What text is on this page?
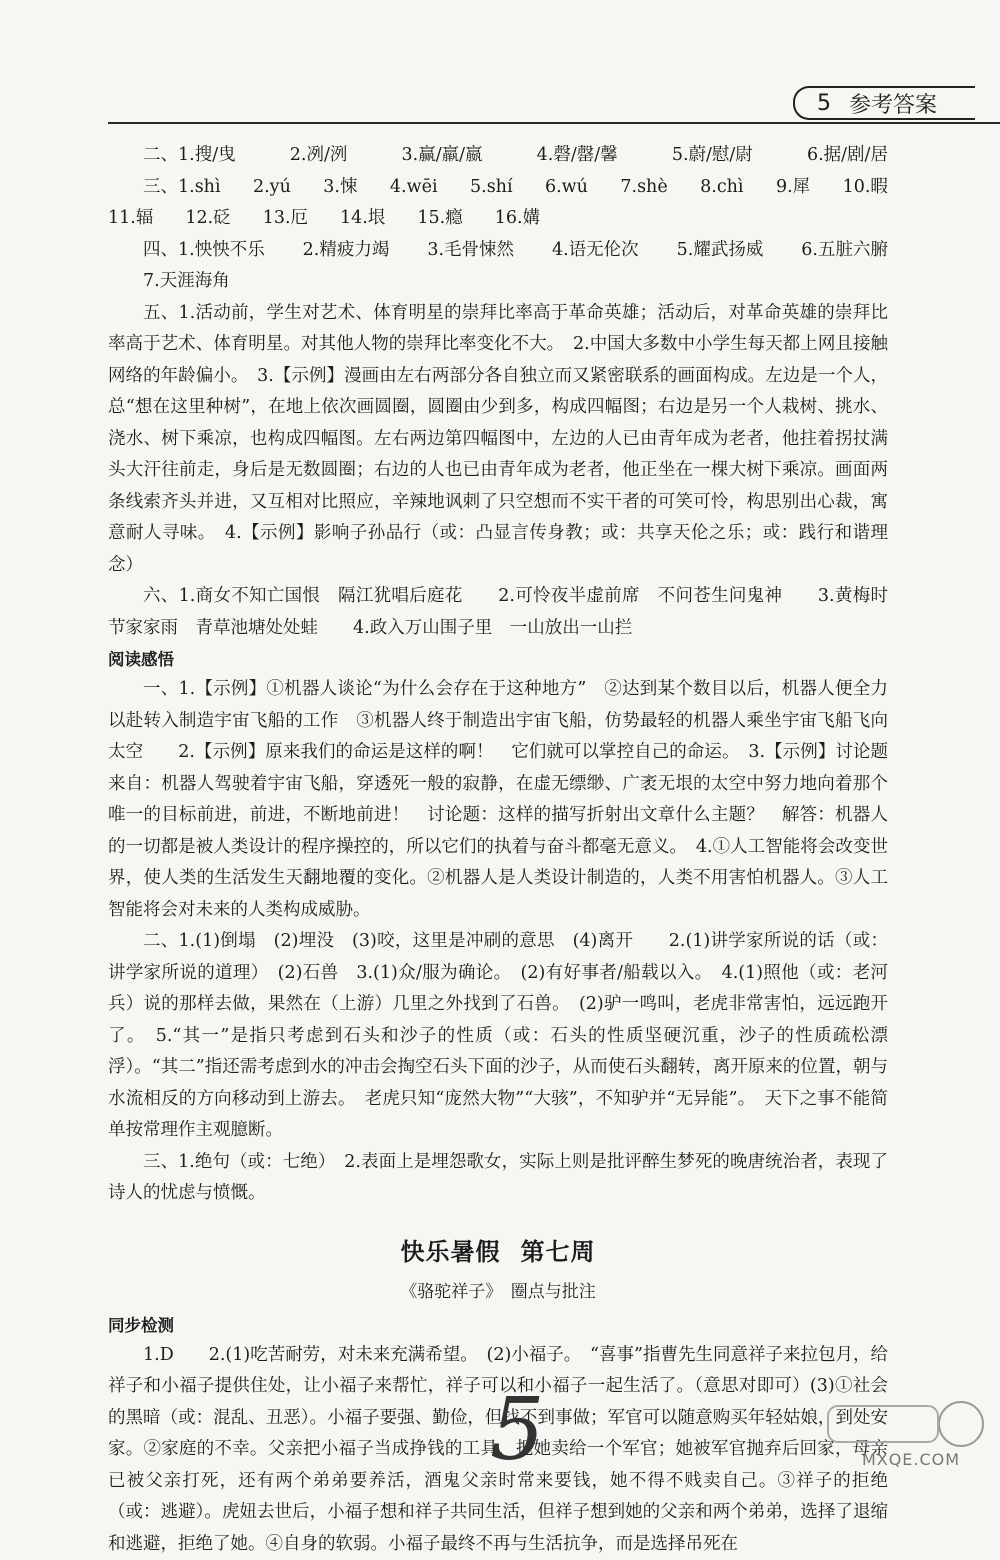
5 参考答案
二、1.搜/曳	2.冽/洌	3.赢/羸/嬴	4.磬/罄/馨	5.蔚/慰/尉	6.据/剧/居
三、1.shì 2.yú 3.悚 4.wēi 5.shí 6.wú 7.shè 8.chì 9.犀 10.暇
11.辐 12.砭 13.厄 14.垠 15.瘾 16.媾
四、1.怏怏不乐 2.精疲力竭 3.毛骨悚然 4.语无伦次 5.耀武扬威 6.五脏六腑

7.天涯海角

五、1.活动前，学生对艺术、体育明星的崇拜比率高于革命英雄；活动后，对革命英雄的崇拜比率高于艺术、体育明星。对其他人物的崇拜比率变化不大。　2.中国大多数中小学生每天都上网且接触网络的年龄偏小。　3.【示例】漫画由左右两部分各自独立而又紧密联系的画面构成。左边是一个人，总“想在这里种树”，在地上依次画圆圈，圆圈由少到多，构成四幅图；右边是另一个人栽树、挑水、浇水、树下乘凉，也构成四幅图。左右两边第四幅图中，左边的人已由青年成为老者，他拄着拐扙满头大汗往前走，身后是无数圆圈；右边的人也已由青年成为老者，他正坐在一棵大树下乘凉。画面两条线索齐头并进，又互相对比照应，辛辣地讽刺了只空想而不实干者的可笑可怜，构思别出心裁，寓意耐人寻味。　4.【示例】影响子孙品行（或：凸显言传身教；或：共享天伦之乐；或：践行和谐理念）

六、1.商女不知亡国恨　隔江犹唱后庭花　　2.可怜夜半虚前席　不问苍生问鬼神　　3.黄梅时节家家雨　青草池塘处处蛙　　4.政入万山围子里　一山放出一山拦

阅读感悟

一、1.【示例】①机器人谈论“为什么会存在于这种地方”　②达到某个数目以后，机器人便全力以赴转入制造宇宙飞船的工作　③机器人终于制造出宇宙飞船，仿势最轻的机器人乘坐宇宙飞船飞向太空　　2.【示例】原来我们的命运是这样的啊！　它们就可以掌控自己的命运。　3.【示例】讨论题来自：机器人驾驶着宇宙飞船，穿透死一般的寂静，在虚无缥缈、广袤无垠的太空中努力地向着那个唯一的目标前进，前进，不断地前进！　讨论题：这样的描写折射出文章什么主题？　解答：机器人的一切都是被人类设计的程序操控的，所以它们的执着与奋斗都毫无意义。　4.①人工智能将会改变世界，使人类的生活发生天翻地覆的变化。②机器人是人类设计制造的，人类不用害怕机器人。③人工智能将会对未来的人类构成威胁。

二、1.(1)倒塌　(2)埋没　(3)咬，这里是冲刷的意思　(4)离开　　2.(1)讲学家所说的话（或：讲学家所说的道理）　(2)石兽　3.(1)众/服为确论。　(2)有好事者/船载以入。　4.(1)照他（或：老河兵）说的那样去做，果然在（上游）几里之外找到了石兽。　(2)驴一鸣叫，老虎非常害怕，远远跑开了。　5.“其一”是指只考虑到石头和沙子的性质（或：石头的性质坚硬沉重，沙子的性质疏松漂浮）。“其二”指还需考虑到水的冲击会掏空石头下面的沙子，从而使石头翻转，离开原来的位置，朝与水流相反的方向移动到上游去。　老虎只知“庞然大物”“大骇”，不知驴并“无异能”。　天下之事不能简单按常理作主观臆断。

三、1.绝句（或：七绝）　2.表面上是埋怨歌女，实际上则是批评醉生梦死的晚唐统治者，表现了诗人的忧虑与愤慨。

快乐暑假 第七周
《骆驼祥子》　圈点与批注
同步检测

1.D　　2.(1)吃苦耐劳，对未来充满希望。　(2)小福子。　“喜事”指曹先生同意祥子来拉包月，给祥子和小福子提供住处，让小福子来帮忙，祥子可以和小福子一起生活了。（意思对即可）(3)①社会的黑暗（或：混乱、丑恶）。小福子要强、勤俭，但找不到事做；军官可以随意购买年轻姑娘，到处安家。②家庭的不幸。父亲把小福子当成挣钱的工具，把她卖给一个军官；她被军官抛弃后回家，母亲已被父亲打死，还有两个弟弟要养活，酒鬼父亲时常来要钱，她不得不贱卖自己。③祥子的拒绝（或：逃避）。虎妞去世后，小福子想和祥子共同生活，但祥子想到她的父亲和两个弟弟，选择了退缩和逃避，拒绝了她。④自身的软弱。小福子最终不再与生活抗争，而是选择吊死在

5	MXQE.COM
